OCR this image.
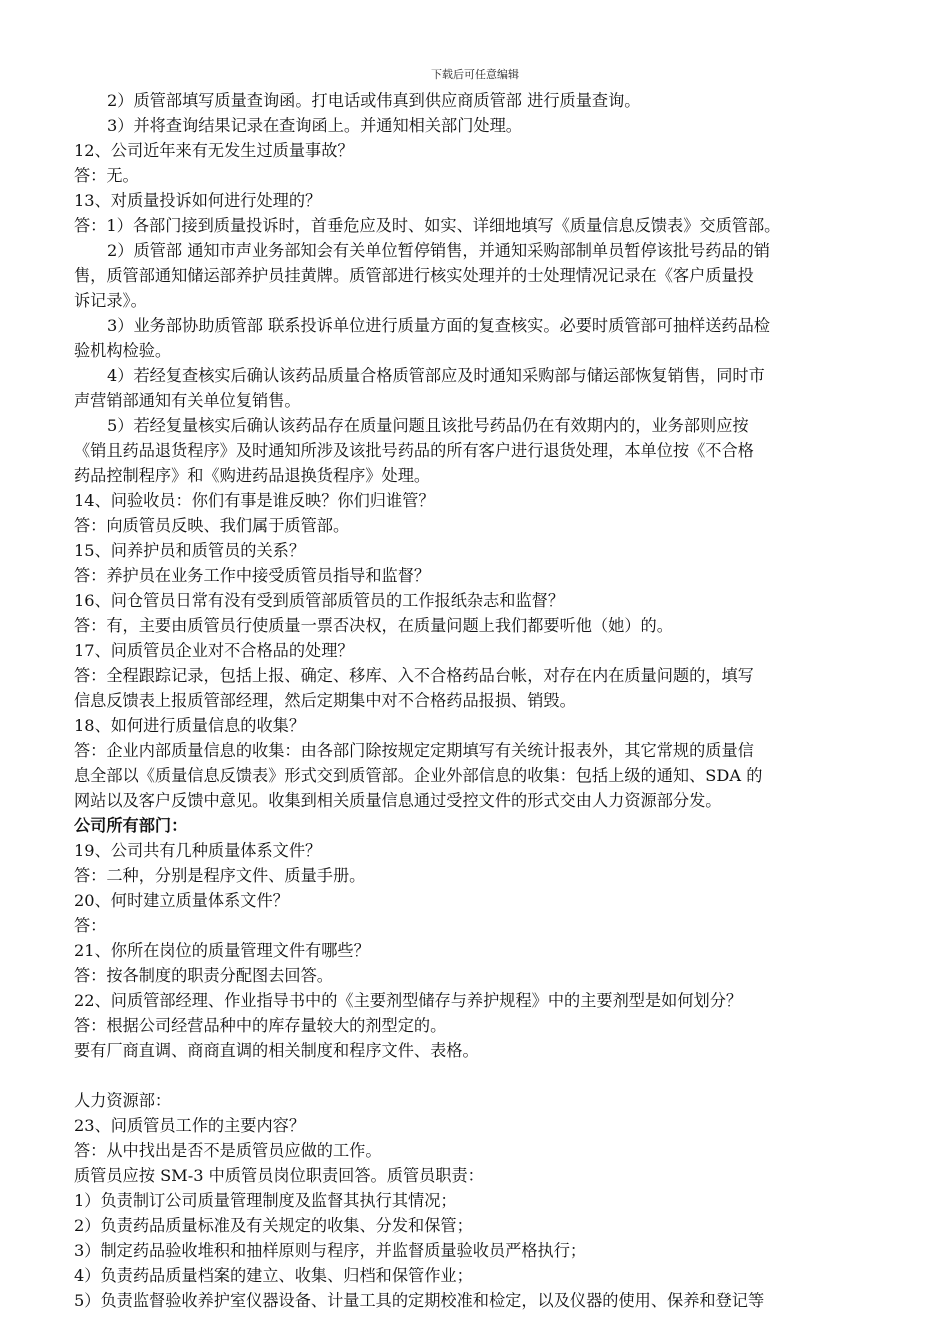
下载后可任意编辑
2）质管部填写质量查询函。打电话或伟真到供应商质管部 进行质量查询。
3）并将查询结果记录在查询函上。并通知相关部门处理。
12、公司近年来有无发生过质量事故？
答：无。
13、对质量投诉如何进行处理的？
答：1）各部门接到质量投诉时，首垂危应及时、如实、详细地填写《质量信息反馈表》交质管部。
2）质管部 通知市声业务部知会有关单位暂停销售，并通知采购部制单员暂停该批号药品的销
售，质管部通知储运部养护员挂黄牌。质管部进行核实处理并的士处理情况记录在《客户质量投
诉记录》。
3）业务部协助质管部 联系投诉单位进行质量方面的复查核实。必要时质管部可抽样送药品检
验机构检验。
4）若经复查核实后确认该药品质量合格质管部应及时通知采购部与储运部恢复销售，同时市
声营销部通知有关单位复销售。
5）若经复量核实后确认该药品存在质量问题且该批号药品仍在有效期内的，业务部则应按
《销且药品退货程序》及时通知所涉及该批号药品的所有客户进行退货处理，本单位按《不合格
药品控制程序》和《购进药品退换货程序》处理。
14、问验收员：你们有事是谁反映？你们归谁管？
答：向质管员反映、我们属于质管部。
15、问养护员和质管员的关系？
答：养护员在业务工作中接受质管员指导和监督？
16、问仓管员日常有没有受到质管部质管员的工作报纸杂志和监督？
答：有，主要由质管员行使质量一票否决权，在质量问题上我们都要听他（她）的。
17、问质管员企业对不合格品的处理？
答：全程跟踪记录，包括上报、确定、移库、入不合格药品台帐，对存在内在质量问题的，填写
信息反馈表上报质管部经理，然后定期集中对不合格药品报损、销毁。
18、如何进行质量信息的收集？
答：企业内部质量信息的收集：由各部门除按规定定期填写有关统计报表外，其它常规的质量信
息全部以《质量信息反馈表》形式交到质管部。企业外部信息的收集：包括上级的通知、SDA 的
网站以及客户反馈中意见。收集到相关质量信息通过受控文件的形式交由人力资源部分发。
公司所有部门：
19、公司共有几种质量体系文件？
答：二种，分别是程序文件、质量手册。
20、何时建立质量体系文件？
答：
21、你所在岗位的质量管理文件有哪些？
答：按各制度的职责分配图去回答。
22、问质管部经理、作业指导书中的《主要剂型储存与养护规程》中的主要剂型是如何划分？
答：根据公司经营品种中的库存量较大的剂型定的。
要有厂商直调、商商直调的相关制度和程序文件、表格。
人力资源部：
23、问质管员工作的主要内容？
答：从中找出是否不是质管员应做的工作。
质管员应按 SM-3 中质管员岗位职责回答。质管员职责：
1）负责制订公司质量管理制度及监督其执行其情况；
2）负责药品质量标准及有关规定的收集、分发和保管；
3）制定药品验收堆积和抽样原则与程序，并监督质量验收员严格执行；
4）负责药品质量档案的建立、收集、归档和保管作业；
5）负责监督验收养护室仪器设备、计量工具的定期校准和检定，以及仪器的使用、保养和登记等
